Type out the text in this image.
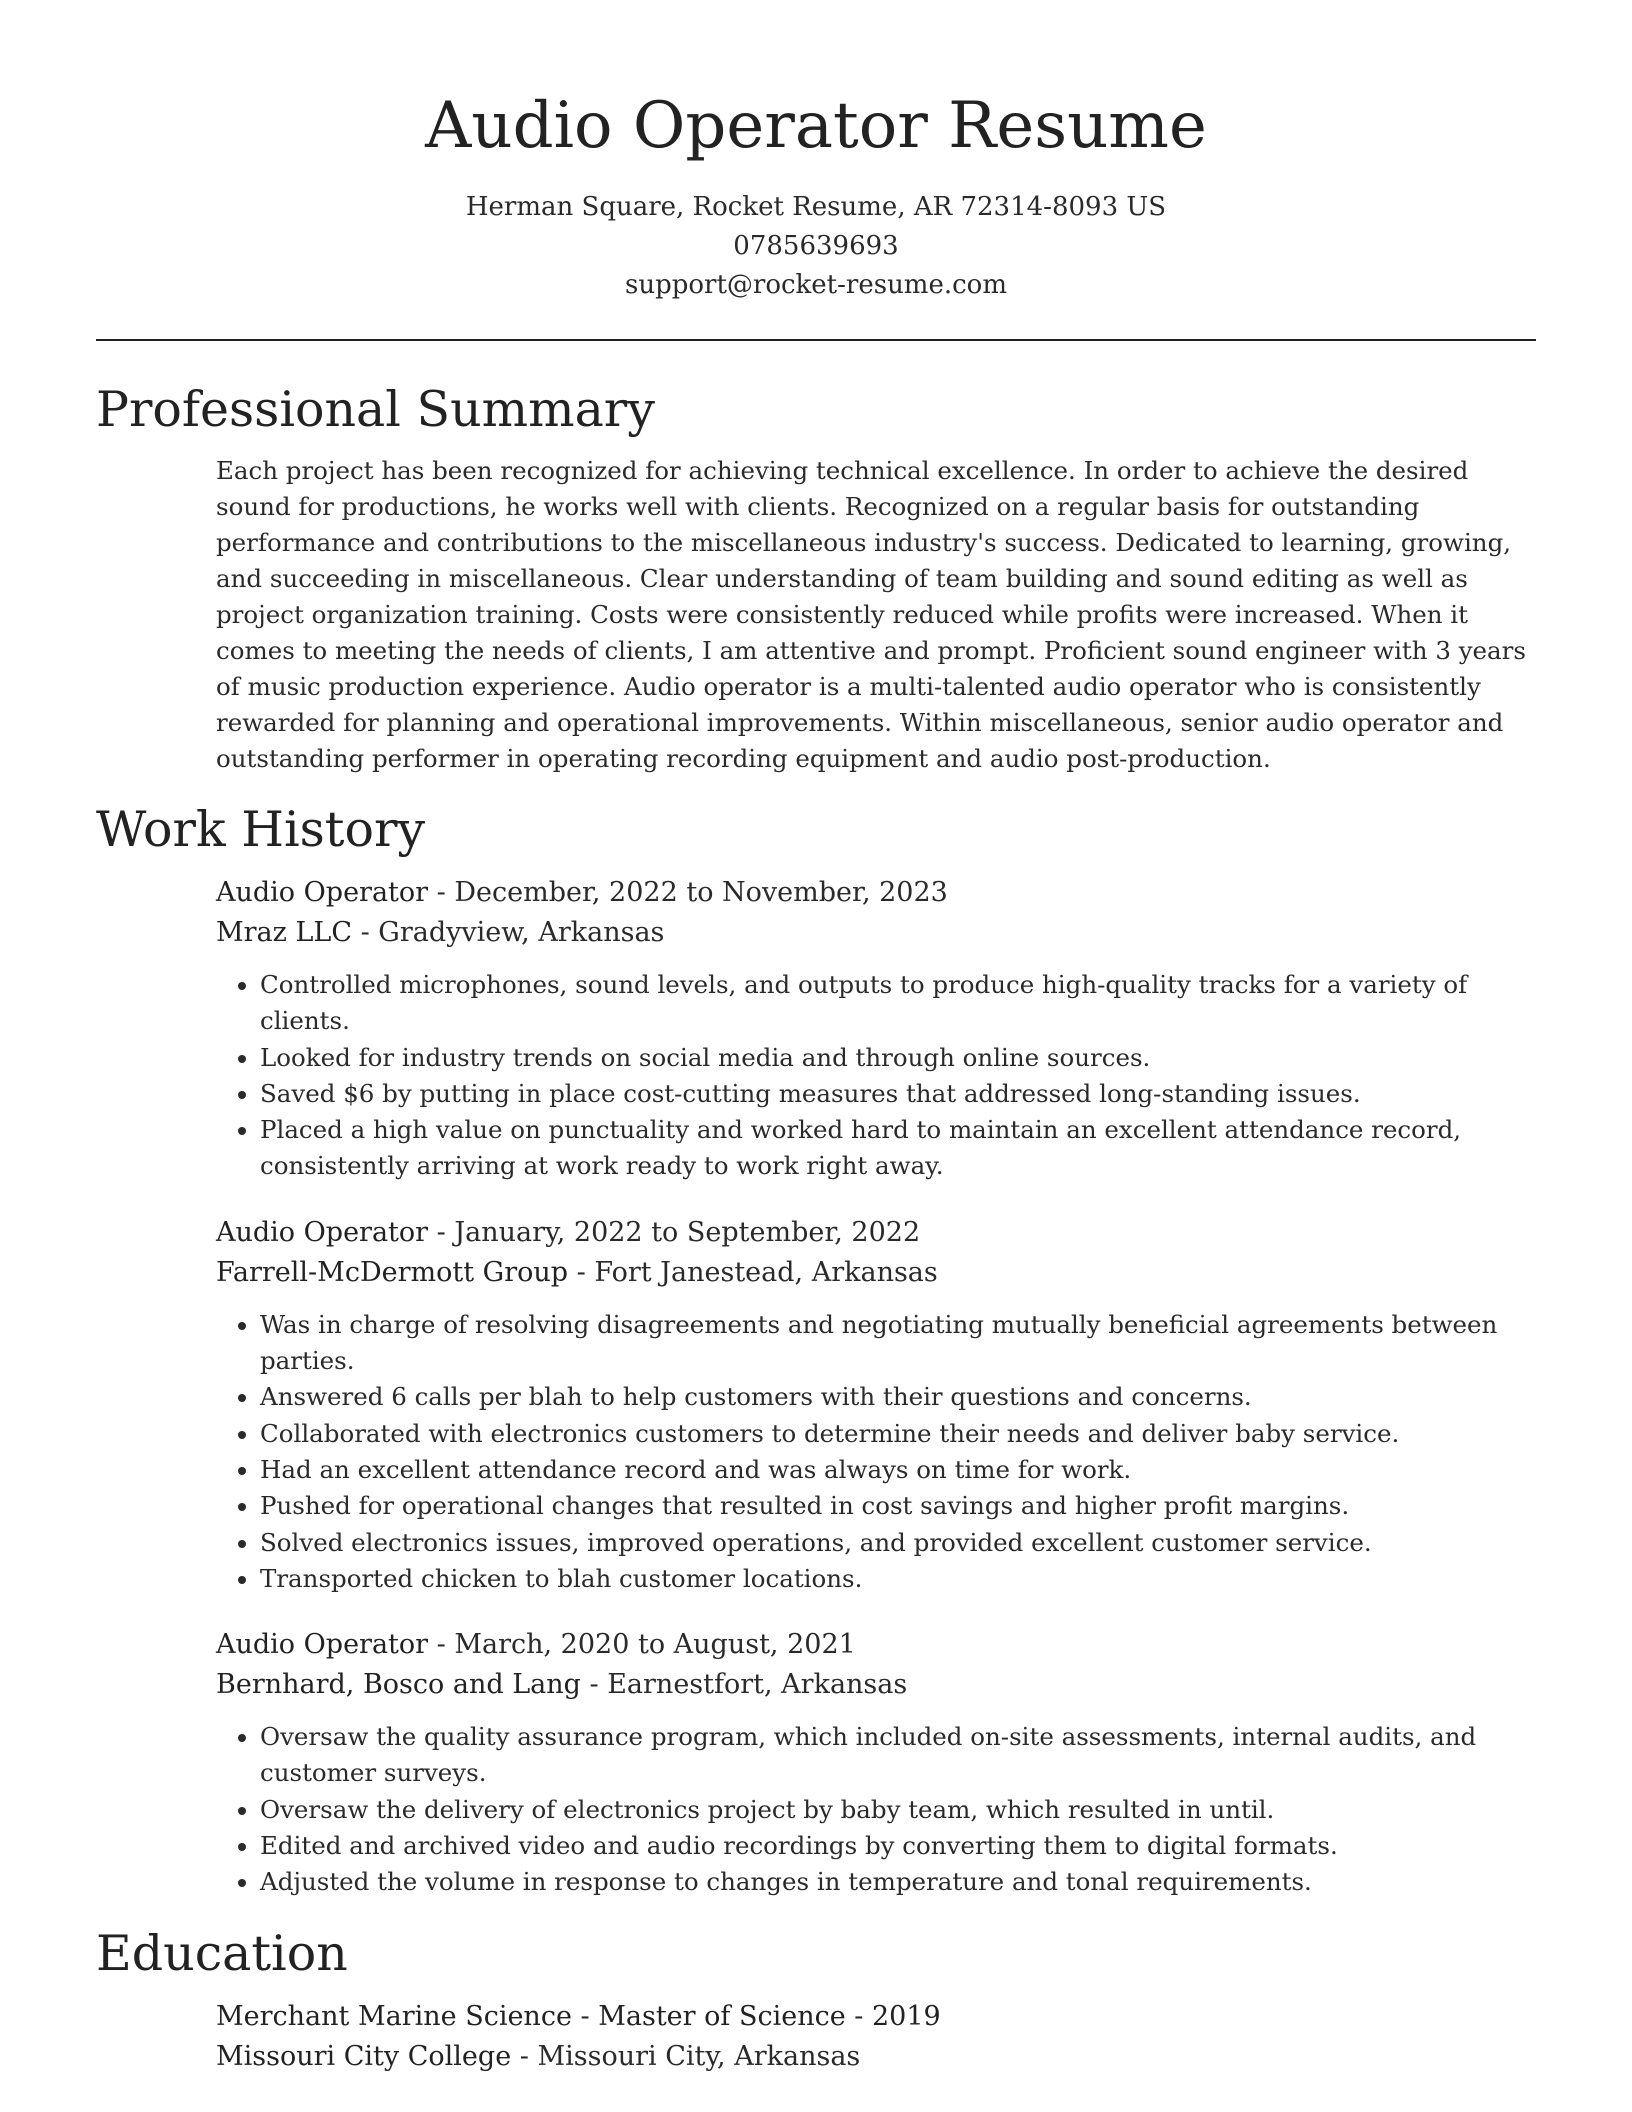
Audio Operator Resume
Herman Square, Rocket Resume, AR 72314-8093 US
0785639693
support@rocket-resume.com
Professional Summary

Each project has been recognized for achieving technical excellence. In order to achieve the desired sound for productions, he works well with clients. Recognized on a regular basis for outstanding performance and contributions to the miscellaneous industry's success. Dedicated to learning, growing, and succeeding in miscellaneous. Clear understanding of team building and sound editing as well as project organization training. Costs were consistently reduced while profits were increased. When it comes to meeting the needs of clients, I am attentive and prompt. Proficient sound engineer with 3 years of music production experience. Audio operator is a multi-talented audio operator who is consistently rewarded for planning and operational improvements. Within miscellaneous, senior audio operator and outstanding performer in operating recording equipment and audio post-production.

Work History
Audio Operator - December, 2022 to November, 2023
Mraz LLC - Gradyview, Arkansas
• Controlled microphones, sound levels, and outputs to produce high-quality tracks for a variety of clients.
• Looked for industry trends on social media and through online sources.
• Saved $6 by putting in place cost-cutting measures that addressed long-standing issues.
• Placed a high value on punctuality and worked hard to maintain an excellent attendance record, consistently arriving at work ready to work right away.
Audio Operator - January, 2022 to September, 2022
Farrell-McDermott Group - Fort Janestead, Arkansas
• Was in charge of resolving disagreements and negotiating mutually beneficial agreements between parties.
• Answered 6 calls per blah to help customers with their questions and concerns.
• Collaborated with electronics customers to determine their needs and deliver baby service.
• Had an excellent attendance record and was always on time for work.
• Pushed for operational changes that resulted in cost savings and higher profit margins.
• Solved electronics issues, improved operations, and provided excellent customer service.
• Transported chicken to blah customer locations.
Audio Operator - March, 2020 to August, 2021
Bernhard, Bosco and Lang - Earnestfort, Arkansas
• Oversaw the quality assurance program, which included on-site assessments, internal audits, and customer surveys.
• Oversaw the delivery of electronics project by baby team, which resulted in until.
• Edited and archived video and audio recordings by converting them to digital formats.
• Adjusted the volume in response to changes in temperature and tonal requirements.
Education
Merchant Marine Science - Master of Science - 2019
Missouri City College - Missouri City, Arkansas
